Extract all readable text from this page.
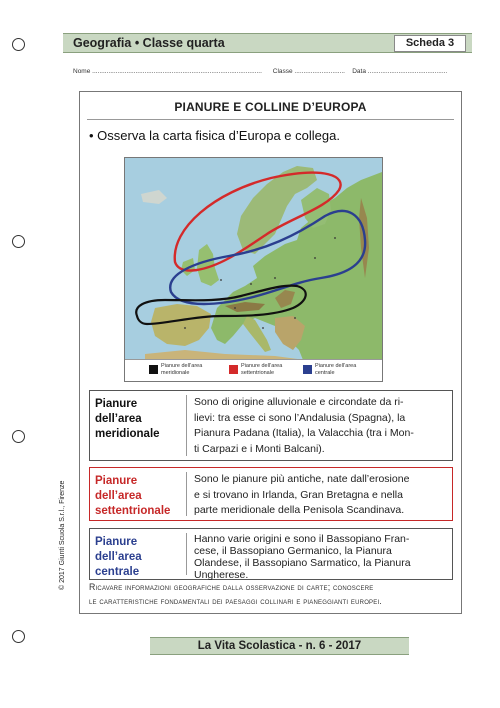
Geografia • Classe quarta	Scheda 3
Nome .............................................................................................. Classe ............................ Data ............................................
PIANURE E COLLINE D’EUROPA
• Osserva la carta fisica d’Europa e collega.
Pianure dell’area
meridionale
Pianure dell’area
settentrionale
Pianure dell’area
centrale
Pianure
dell’area
meridionale
Sono di origine alluvionale e circondate da ri-
lievi: tra esse ci sono l’Andalusia (Spagna), la
Pianura Padana (Italia), la Valacchia (tra i Mon-
ti Carpazi e i Monti Balcani).
Pianure
dell’area
settentrionale
Sono le pianure più antiche, nate dall’erosione
e si trovano in Irlanda, Gran Bretagna e nella
parte meridionale della Penisola Scandinava.
Pianure
dell’area
centrale
Hanno varie origini e sono il Bassopiano Fran-
cese, il Bassopiano Germanico, la Pianura
Olandese, il Bassopiano Sarmatico, la Pianura
Ungherese.
Ricavare informazioni geografiche dalla osservazione di carte; conoscere
le caratteristiche fondamentali dei paesaggi collinari e pianeggianti europei.
© 2017 Giunti Scuola S.r.l., Firenze
La Vita Scolastica - n. 6 - 2017
